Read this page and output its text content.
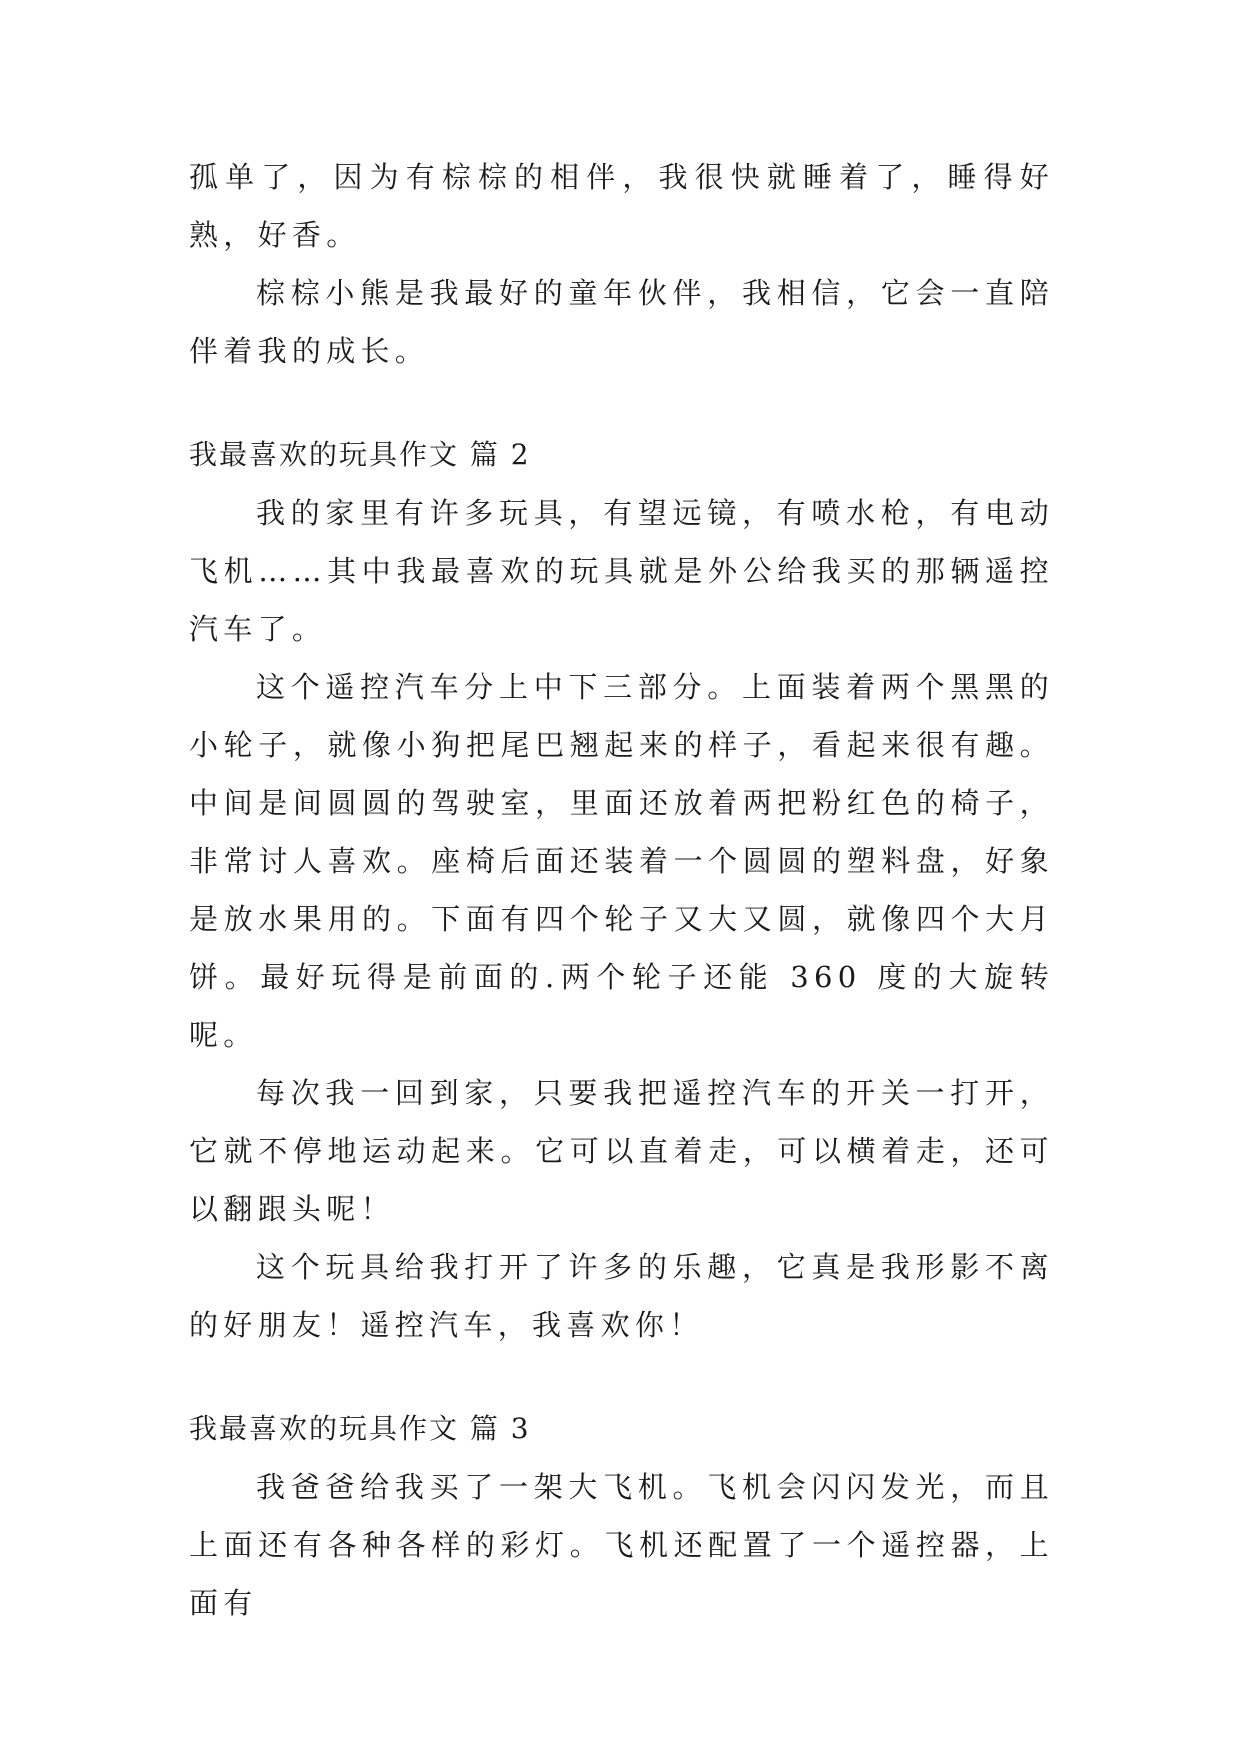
孤单了，因为有棕棕的相伴，我很快就睡着了，睡得好熟，好香。

棕棕小熊是我最好的童年伙伴，我相信，它会一直陪伴着我的成长。

我最喜欢的玩具作文 篇 2

我的家里有许多玩具，有望远镜，有喷水枪，有电动飞机……其中我最喜欢的玩具就是外公给我买的那辆遥控汽车了。

这个遥控汽车分上中下三部分。上面装着两个黑黑的小轮子，就像小狗把尾巴翘起来的样子，看起来很有趣。中间是间圆圆的驾驶室，里面还放着两把粉红色的椅子，非常讨人喜欢。座椅后面还装着一个圆圆的塑料盘，好象是放水果用的。下面有四个轮子又大又圆，就像四个大月饼。最好玩得是前面的.两个轮子还能 360 度的大旋转呢。

每次我一回到家，只要我把遥控汽车的开关一打开，它就不停地运动起来。它可以直着走，可以横着走，还可以翻跟头呢！

这个玩具给我打开了许多的乐趣，它真是我形影不离的好朋友！遥控汽车，我喜欢你！

我最喜欢的玩具作文 篇 3

我爸爸给我买了一架大飞机。飞机会闪闪发光，而且上面还有各种各样的彩灯。飞机还配置了一个遥控器，上面有
